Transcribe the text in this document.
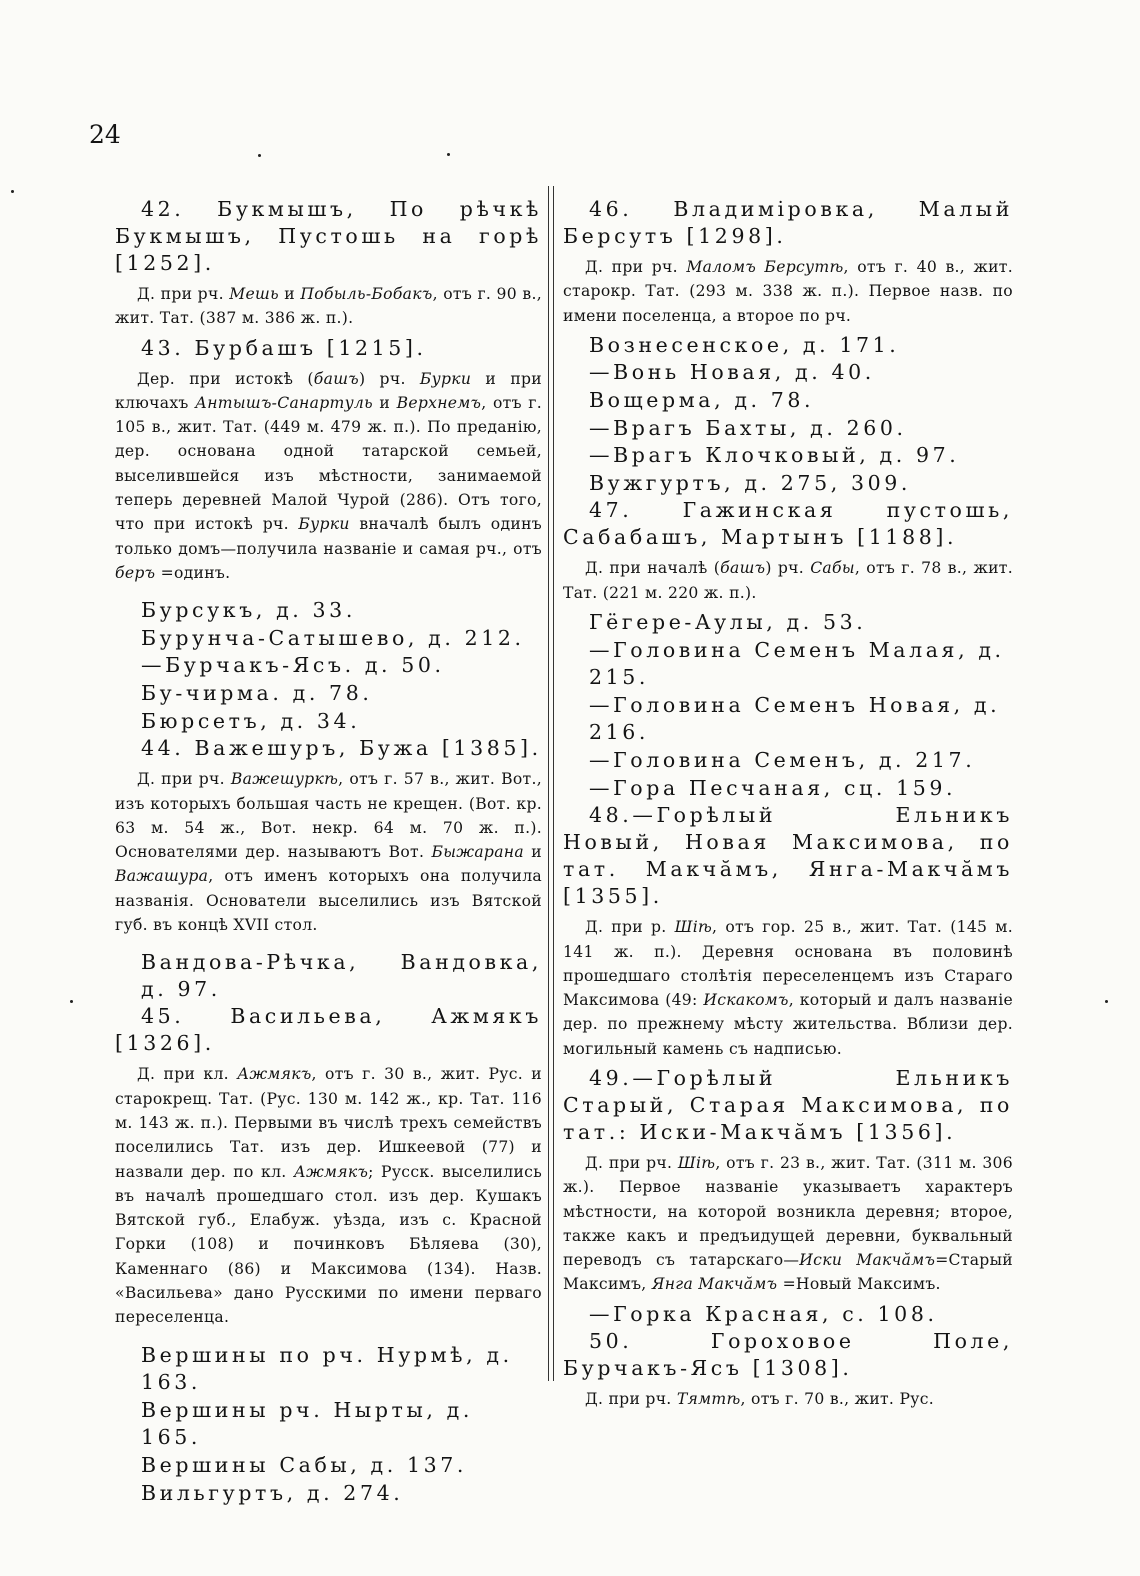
24

42. Букмышъ, По рѣчкѣ Букмышъ, Пустошь на горѣ [1252].

Д. при рч. Мешь и Побыль-Бобакъ, отъ г. 90 в., жит. Тат. (387 м. 386 ж. п.).

43. Бурбашъ [1215].

Дер. при истокѣ (башъ) рч. Бурки и при ключахъ Антышъ-Санартуль и Верхнемъ, отъ г. 105 в., жит. Тат. (449 м. 479 ж. п.). По преданію, дер. основана одной татарской семьей, выселившейся изъ мѣстности, занимаемой теперь деревней Малой Чурой (286). Отъ того, что при истокѣ рч. Бурки вначалѣ былъ одинъ только домъ—получила названіе и самая рч., отъ беръ =одинъ.

Бурсукъ, д. 33.

Бурунча-Сатышево, д. 212.

—Бурчакъ-Ясъ. д. 50.

Бу-чирма. д. 78.

Бюрсетъ, д. 34.

44. Важешуръ, Бужа [1385].

Д. при рч. Важешуркѣ, отъ г. 57 в., жит. Вот., изъ которыхъ большая часть не крещен. (Вот. кр. 63 м. 54 ж., Вот. некр. 64 м. 70 ж. п.). Основателями дер. называютъ Вот. Быжарана и Важашура, отъ именъ которыхъ она получила названія. Основатели выселились изъ Вятской губ. въ концѣ XVII стол.

Вандова-Рѣчка, Вандовка, д. 97.

45. Васильева, Ажмякъ [1326].

Д. при кл. Ажмякъ, отъ г. 30 в., жит. Рус. и старокрещ. Тат. (Рус. 130 м. 142 ж., кр. Тат. 116 м. 143 ж. п.). Первыми въ числѣ трехъ семействъ поселились Тат. изъ дер. Ишкеевой (77) и назвали дер. по кл. Ажмякъ; Русск. выселились въ началѣ прошедшаго стол. изъ дер. Кушакъ Вятской губ., Елабуж. уѣзда, изъ с. Красной Горки (108) и починковъ Бѣляева (30), Каменнаго (86) и Максимова (134). Назв. «Васильева» дано Русскими по имени перваго переселенца.

Вершины по рч. Нурмѣ, д. 163.

Вершины рч. Нырты, д. 165.

Вершины Сабы, д. 137.

Вильгуртъ, д. 274.

46. Владиміровка, Малый Берсутъ [1298].

Д. при рч. Маломъ Берсутѣ, отъ г. 40 в., жит. старокр. Тат. (293 м. 338 ж. п.). Первое назв. по имени поселенца, а второе по рч.

Вознесенское, д. 171.

—Вонь Новая, д. 40.

Вощерма, д. 78.

—Врагъ Бахты, д. 260.

—Врагъ Клочковый, д. 97.

Вужгуртъ, д. 275, 309.

47. Гажинская пустошь, Сабабашъ, Мартынъ [1188].

Д. при началѣ (башъ) рч. Сабы, отъ г. 78 в., жит. Тат. (221 м. 220 ж. п.).

Гёгере-Аулы, д. 53.

—Головина Семенъ Малая, д. 215.

—Головина Семенъ Новая, д. 216.

—Головина Семенъ, д. 217.

—Гора Песчаная, сц. 159.

48.—Горѣлый Ельникъ Новый, Новая Максимова, по тат. Макчӑмъ, Янга-Макчӑмъ [1355].

Д. при р. Шіѣ, отъ гор. 25 в., жит. Тат. (145 м. 141 ж. п.). Деревня основана въ половинѣ прошедшаго столѣтія переселенцемъ изъ Стараго Максимова (49: Искакомъ, который и далъ названіе дер. по прежнему мѣсту жительства. Вблизи дер. могильный камень съ надписью.

49.—Горѣлый Ельникъ Старый, Старая Максимова, по тат.: Иски-Макчӑмъ [1356].

Д. при рч. Шіѣ, отъ г. 23 в., жит. Тат. (311 м. 306 ж.). Первое названіе указываетъ характеръ мѣстности, на которой возникла деревня; второе, также какъ и предъидущей деревни, буквальный переводъ съ татарскаго—Иски Макчӑмъ=Старый Максимъ, Янга Макчӑмъ =Новый Максимъ.

—Горка Красная, с. 108.

50. Гороховое Поле, Бурчакъ-Ясъ [1308].

Д. при рч. Тямтѣ, отъ г. 70 в., жит. Рус.
